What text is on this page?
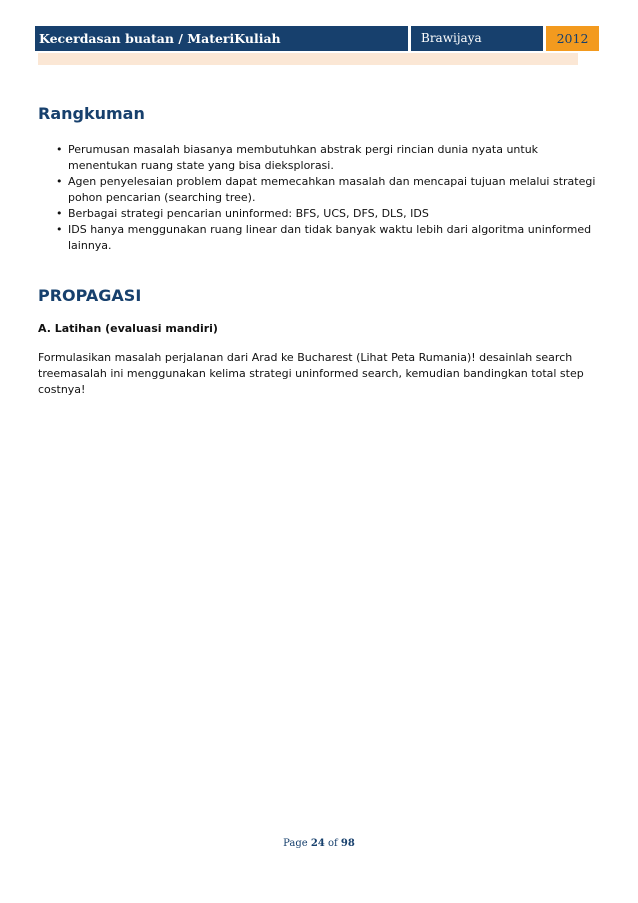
Kecerdasan buatan / MateriKuliah	Brawijaya	2012
Rangkuman
• Perumusan masalah biasanya membutuhkan abstrak pergi rincian dunia nyata untuk menentukan ruang state yang bisa dieksplorasi.
• Agen penyelesaian problem dapat memecahkan masalah dan mencapai tujuan melalui strategi pohon pencarian (searching tree).
• Berbagai strategi pencarian uninformed: BFS, UCS, DFS, DLS, IDS
• IDS hanya menggunakan ruang linear dan tidak banyak waktu lebih dari algoritma uninformed lainnya.
PROPAGASI

A. Latihan (evaluasi mandiri)

Formulasikan masalah perjalanan dari Arad ke Bucharest (Lihat Peta Rumania)! desainlah search treemasalah ini menggunakan kelima strategi uninformed search, kemudian bandingkan total step costnya!

Page 24 of 98
